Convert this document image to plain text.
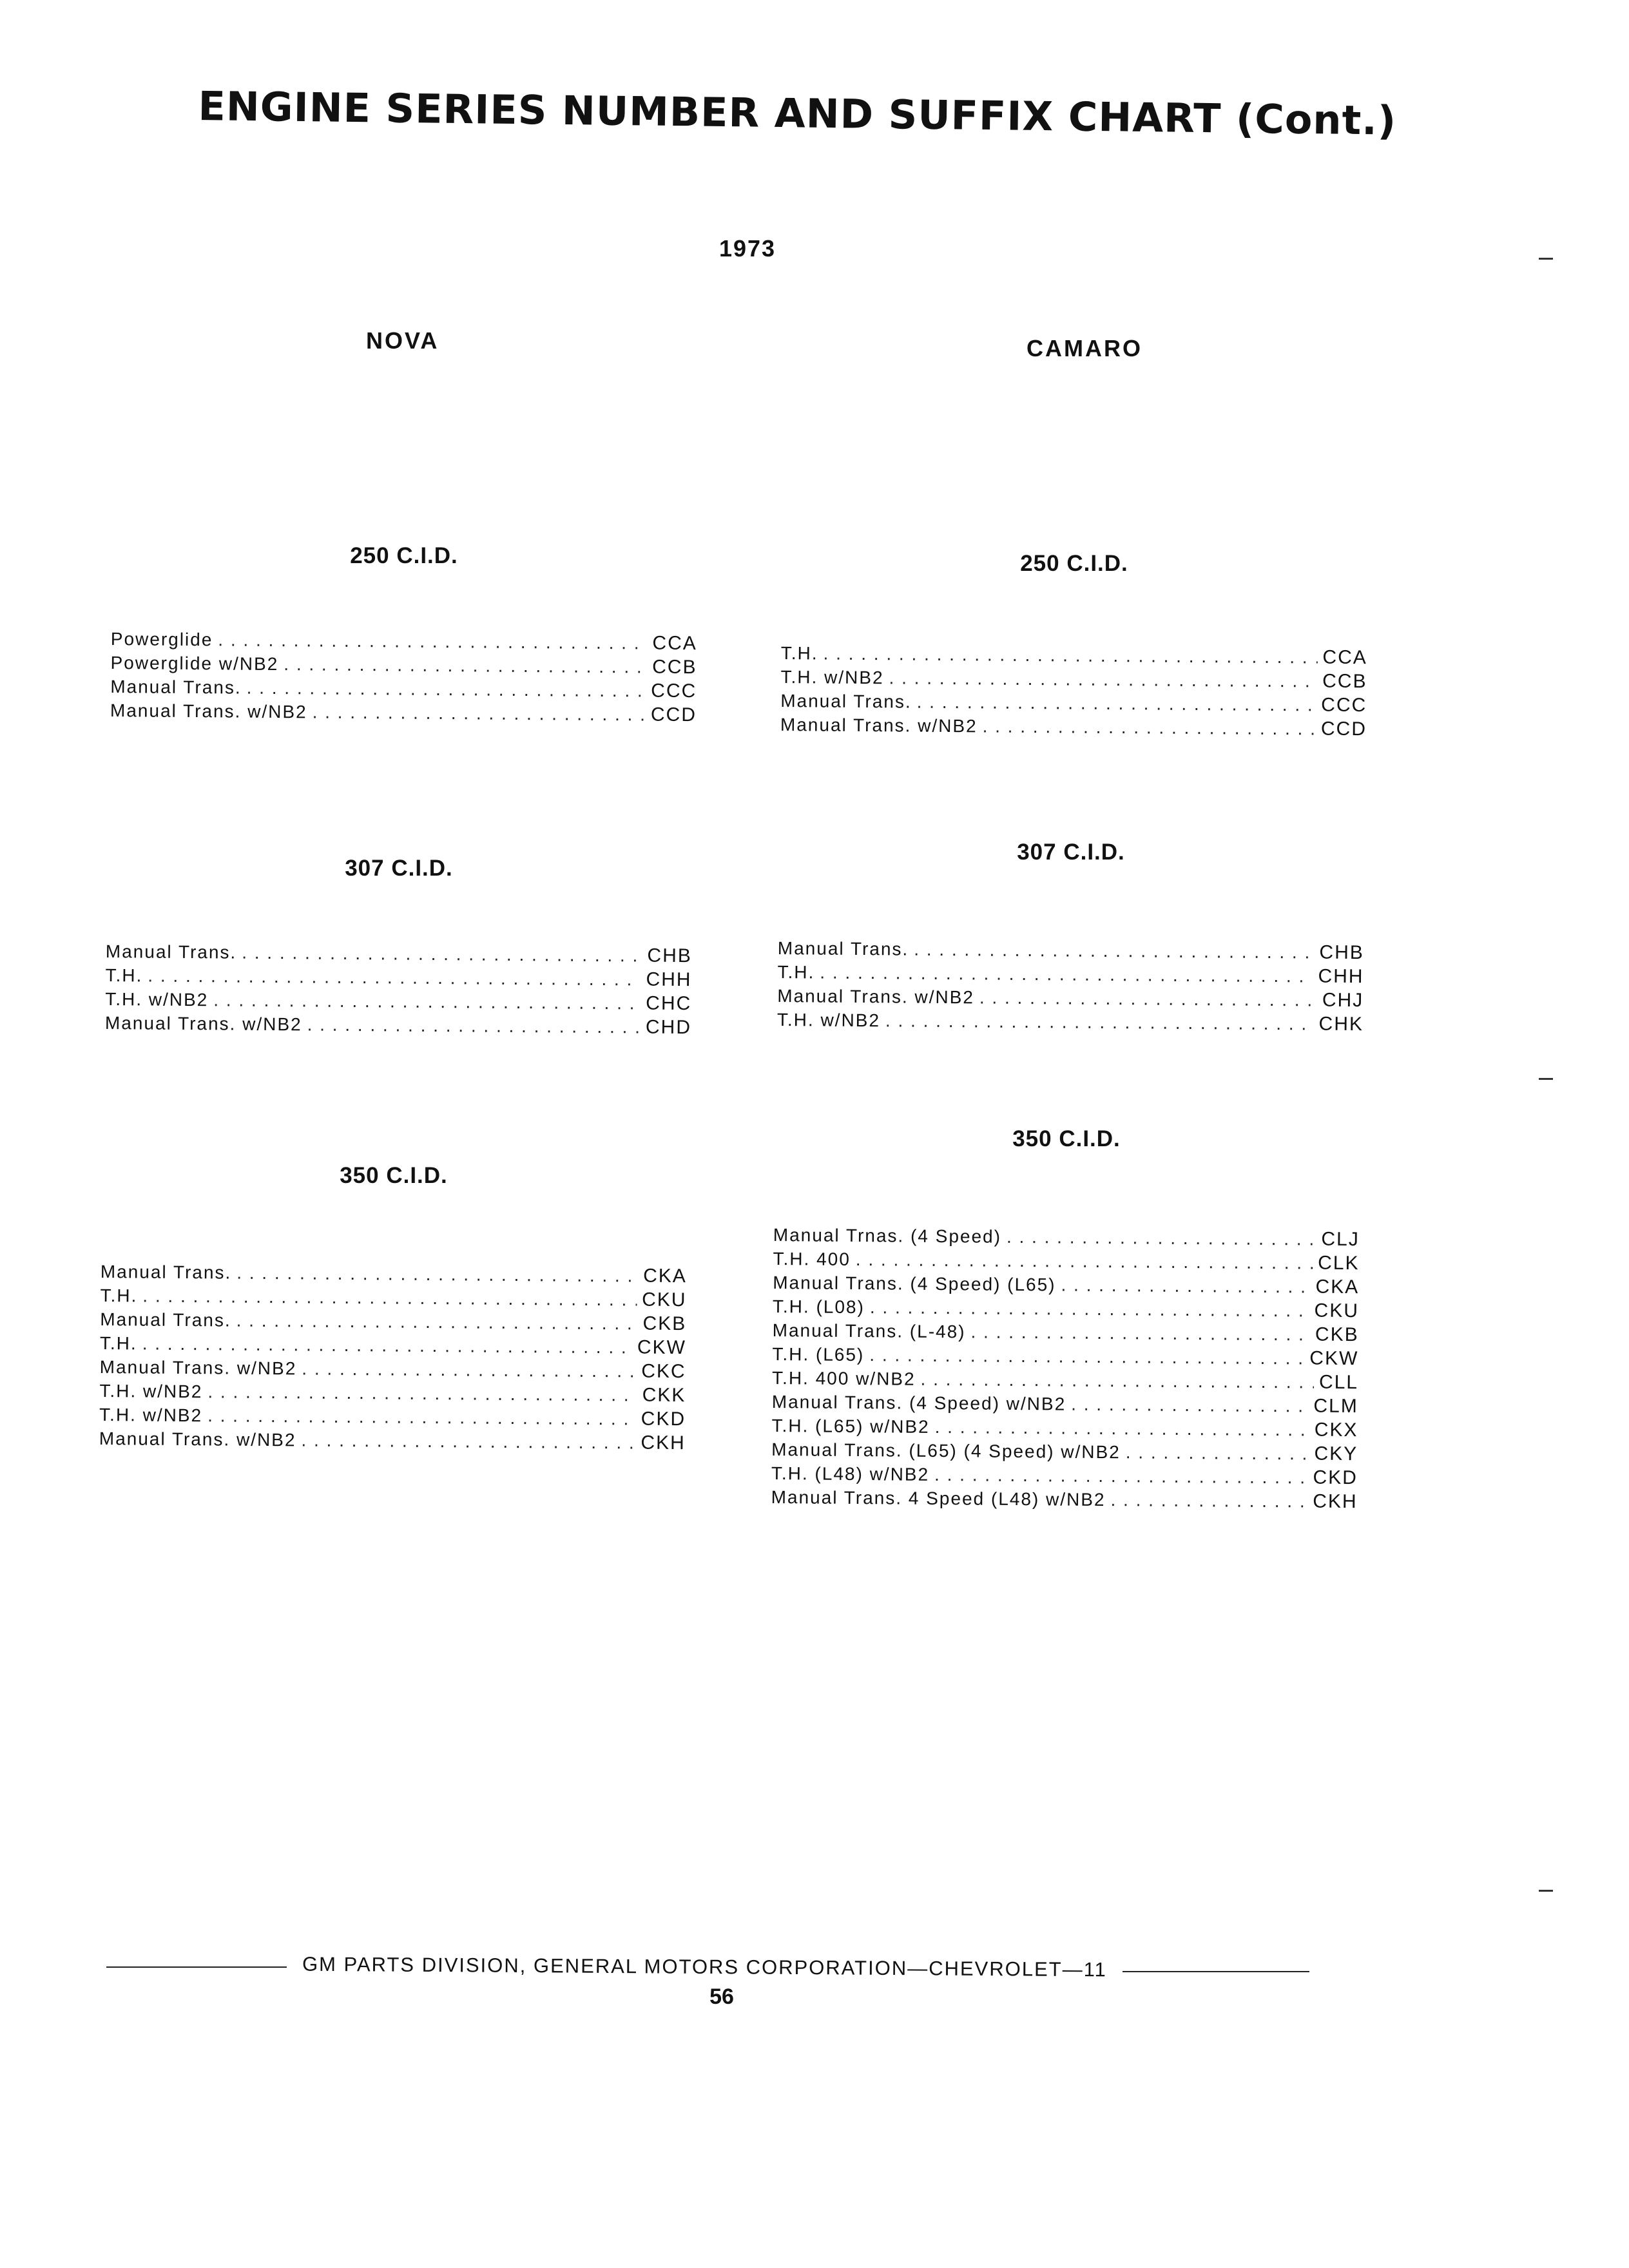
ENGINE SERIES NUMBER AND SUFFIX CHART (Cont.)
1973
NOVA	CAMARO
250 C.I.D.
Powerglide . . .	CCA
Powerglide w/NB2 . . .	CCB
Manual Trans. . . .	CCC
Manual Trans. w/NB2 . . .	CCD
307 C.I.D.
Manual Trans. . . .	CHB
T.H. . . .	CHH
T.H. w/NB2 . . .	CHC
Manual Trans. w/NB2 . . .	CHD
350 C.I.D.
Manual Trans. . . .	CKA
T.H. . . .	CKU
Manual Trans. . . .	CKB
T.H. . . .	CKW
Manual Trans. w/NB2 . . .	CKC
T.H. w/NB2 . . .	CKK
T.H. w/NB2 . . .	CKD
Manual Trans. w/NB2 . . .	CKH
250 C.I.D.
T.H. . . .	CCA
T.H. w/NB2 . . .	CCB
Manual Trans. . . .	CCC
Manual Trans. w/NB2 . . .	CCD
307 C.I.D.
Manual Trans. . . .	CHB
T.H. . . .	CHH
Manual Trans. w/NB2 . . .	CHJ
T.H. w/NB2 . . .	CHK
350 C.I.D.
Manual Trnas. (4 Speed) . . .	CLJ
T.H. 400 . . .	CLK
Manual Trans. (4 Speed) (L65) . . .	CKA
T.H. (L08) . . .	CKU
Manual Trans. (L-48) . . .	CKB
T.H. (L65) . . .	CKW
T.H. 400 w/NB2 . . .	CLL
Manual Trans. (4 Speed) w/NB2 . . .	CLM
T.H. (L65) w/NB2 . . .	CKX
Manual Trans. (L65) (4 Speed) w/NB2 . . .	CKY
T.H. (L48) w/NB2 . . .	CKD
Manual Trans. 4 Speed (L48) w/NB2 . . .	CKH
GM PARTS DIVISION, GENERAL MOTORS CORPORATION—CHEVROLET—11
56
